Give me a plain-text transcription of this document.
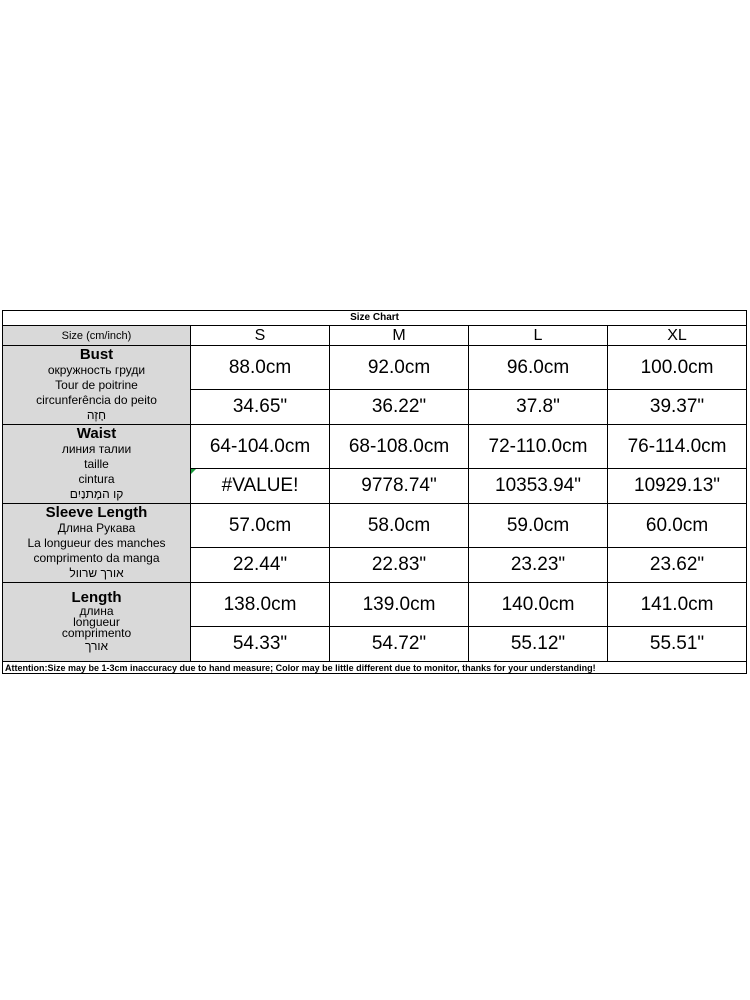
Size Chart				
Size (cm/inch)	S	M	L	XL

Bust
окружность груди
Tour de poitrine
circunferência do peito
חָזֶה	88.0cm	92.0cm	96.0cm	100.0cm
	34.65"	36.22"	37.8"	39.37"

Waist
линия талии
taille
cintura
קו המָתנַיִם	64-104.0cm	68-108.0cm	72-110.0cm	76-114.0cm
	#VALUE!	9778.74"	10353.94"	10929.13"

Sleeve Length
Длина Рукава
La longueur des manches
comprimento da manga
אורך שרוול	57.0cm	58.0cm	59.0cm	60.0cm
	22.44"	22.83"	23.23"	23.62"

Length
длина
longueur
comprimento
אורך	138.0cm	139.0cm	140.0cm	141.0cm
	54.33"	54.72"	55.12"	55.51"
Attention:Size may be 1-3cm inaccuracy due to hand measure; Color may be little different due to monitor, thanks for your understanding!				
